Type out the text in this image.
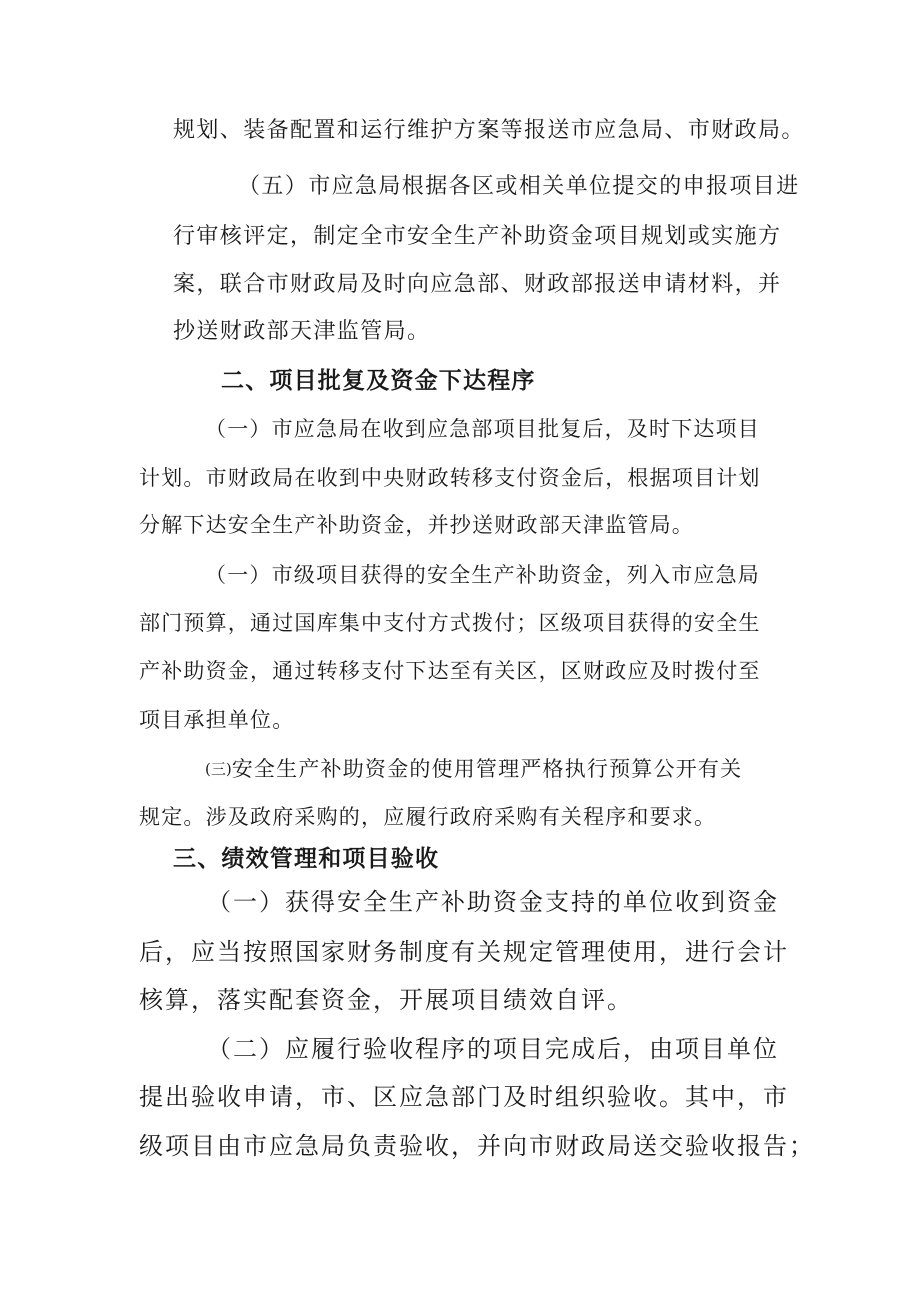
规划、装备配置和运行维护方案等报送市应急局、市财政局。
（五）市应急局根据各区或相关单位提交的申报项目进
行审核评定，制定全市安全生产补助资金项目规划或实施方
案，联合市财政局及时向应急部、财政部报送申请材料，并
抄送财政部天津监管局。
二、项目批复及资金下达程序
（一）市应急局在收到应急部项目批复后，及时下达项目
计划。市财政局在收到中央财政转移支付资金后，根据项目计划
分解下达安全生产补助资金，并抄送财政部天津监管局。
（一）市级项目获得的安全生产补助资金，列入市应急局
部门预算，通过国库集中支付方式拨付；区级项目获得的安全生
产补助资金，通过转移支付下达至有关区，区财政应及时拨付至
项目承担单位。
(三)安全生产补助资金的使用管理严格执行预算公开有关
规定。涉及政府采购的，应履行政府采购有关程序和要求。
三、绩效管理和项目验收
（一）获得安全生产补助资金支持的单位收到资金
后，应当按照国家财务制度有关规定管理使用，进行会计
核算，落实配套资金，开展项目绩效自评。
（二）应履行验收程序的项目完成后，由项目单位
提出验收申请，市、区应急部门及时组织验收。其中，市
级项目由市应急局负责验收，并向市财政局送交验收报告；
